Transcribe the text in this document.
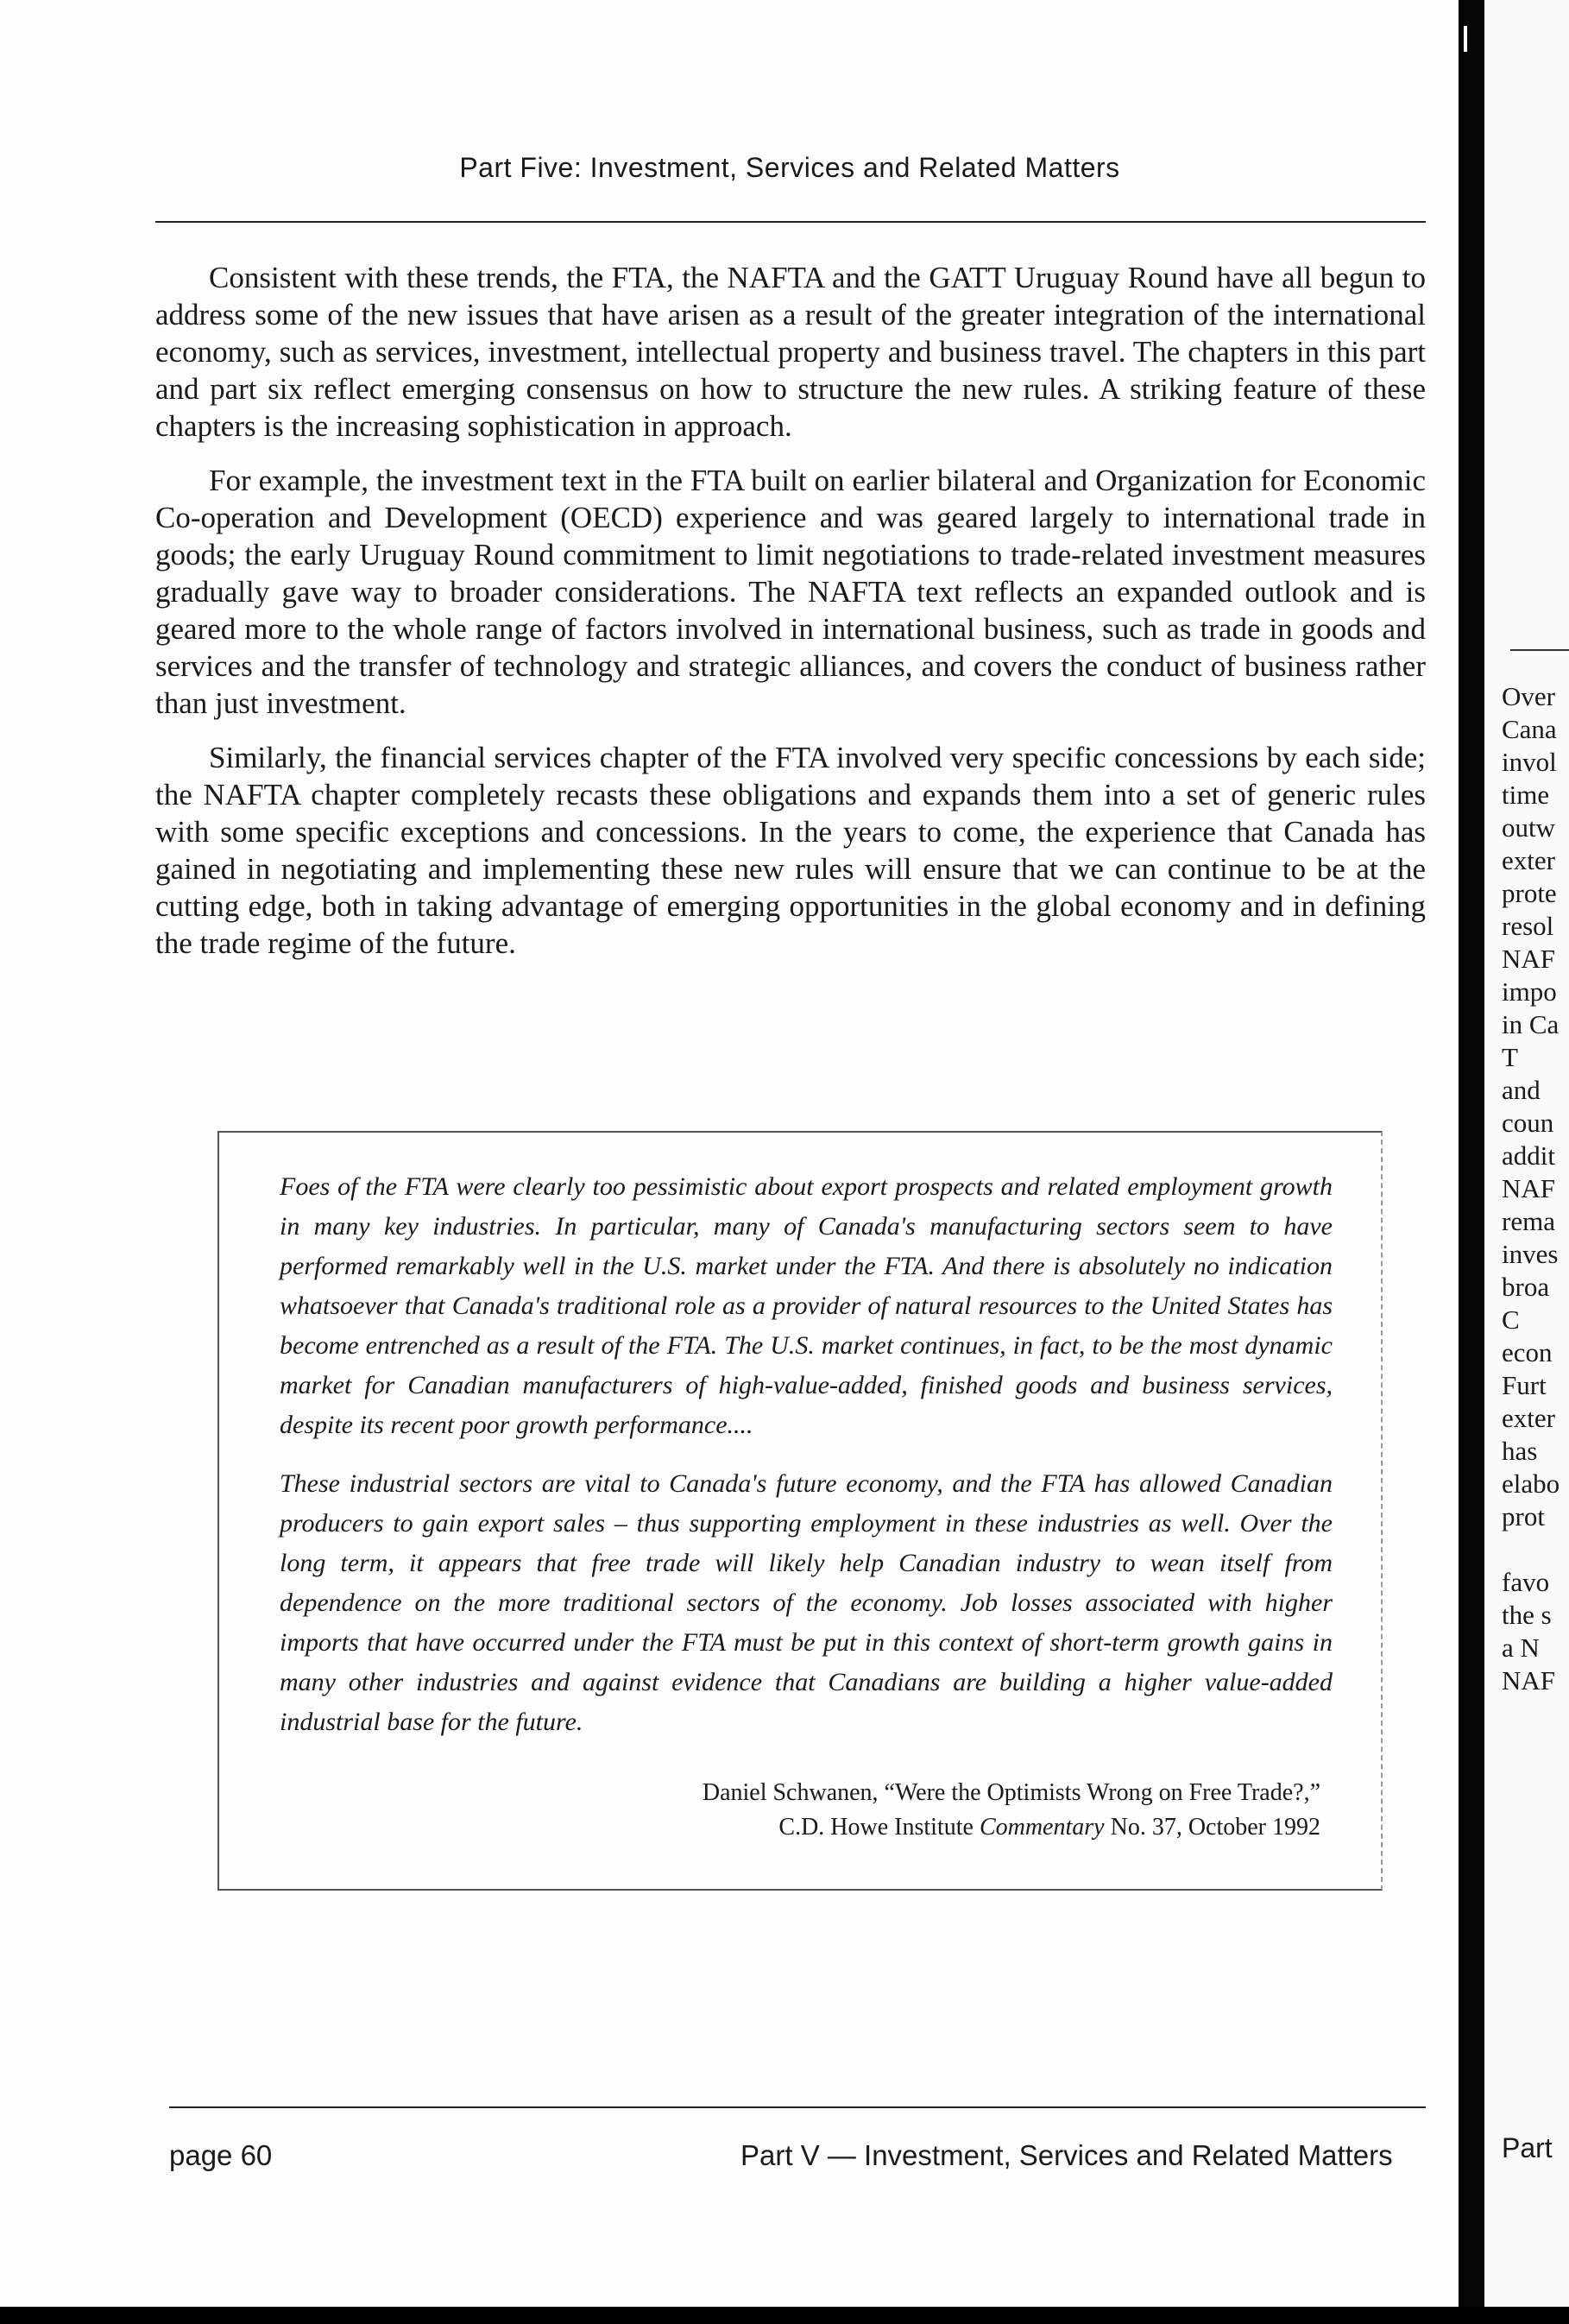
Part Five: Investment, Services and Related Matters

Consistent with these trends, the FTA, the NAFTA and the GATT Uruguay Round have all begun to address some of the new issues that have arisen as a result of the greater integration of the international economy, such as services, investment, intellectual property and business travel. The chapters in this part and part six reflect emerging consensus on how to structure the new rules. A striking feature of these chapters is the increasing sophistication in approach.

For example, the investment text in the FTA built on earlier bilateral and Organization for Economic Co-operation and Development (OECD) experience and was geared largely to international trade in goods; the early Uruguay Round commitment to limit negotiations to trade-related investment measures gradually gave way to broader considerations. The NAFTA text reflects an expanded outlook and is geared more to the whole range of factors involved in international business, such as trade in goods and services and the transfer of technology and strategic alliances, and covers the conduct of business rather than just investment.

Similarly, the financial services chapter of the FTA involved very specific concessions by each side; the NAFTA chapter completely recasts these obligations and expands them into a set of generic rules with some specific exceptions and concessions. In the years to come, the experience that Canada has gained in negotiating and implementing these new rules will ensure that we can continue to be at the cutting edge, both in taking advantage of emerging opportunities in the global economy and in defining the trade regime of the future.

Foes of the FTA were clearly too pessimistic about export prospects and related employment growth in many key industries. In particular, many of Canada's manufacturing sectors seem to have performed remarkably well in the U.S. market under the FTA. And there is absolutely no indication whatsoever that Canada's traditional role as a provider of natural resources to the United States has become entrenched as a result of the FTA. The U.S. market continues, in fact, to be the most dynamic market for Canadian manufacturers of high-value-added, finished goods and business services, despite its recent poor growth performance....

These industrial sectors are vital to Canada's future economy, and the FTA has allowed Canadian producers to gain export sales – thus supporting employment in these industries as well. Over the long term, it appears that free trade will likely help Canadian industry to wean itself from dependence on the more traditional sectors of the economy. Job losses associated with higher imports that have occurred under the FTA must be put in this context of short-term growth gains in many other industries and against evidence that Canadians are building a higher value-added industrial base for the future.

Daniel Schwanen, “Were the Optimists Wrong on Free Trade?,”
C.D. Howe Institute Commentary No. 37, October 1992
page 60	Part V — Investment, Services and Related Matters
Over
Cana
invol
time
outw
exter
prote
resol
NAF
impo
in Ca
T
and
coun
addit
NAF
rema
inves
broa
C
econ
Furt
exter
has
elabo
prot
favo
the s
a N
NAF
Part
